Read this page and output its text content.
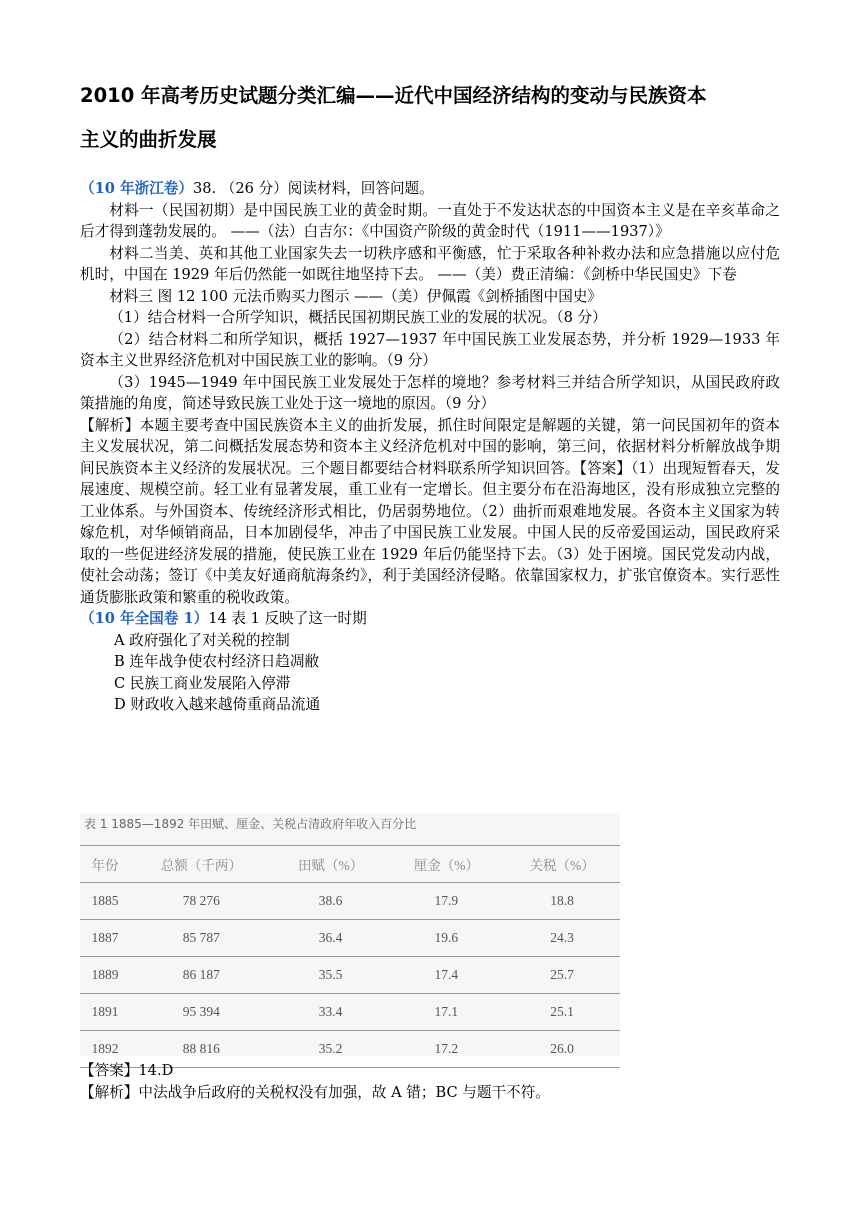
2010 年高考历史试题分类汇编——近代中国经济结构的变动与民族资本
主义的曲折发展

（10 年浙江卷）38. （26 分）阅读材料，回答问题。

材料一（民国初期）是中国民族工业的黄金时期。一直处于不发达状态的中国资本主义是在辛亥革命之后才得到蓬勃发展的。 ——（法）白吉尔：《中国资产阶级的黄金时代（1911——1937）》

材料二当美、英和其他工业国家失去一切秩序感和平衡感，忙于采取各种补救办法和应急措施以应付危机时，中国在 1929 年后仍然能一如既往地坚持下去。 ——（美）费正清编：《剑桥中华民国史》下卷

材料三 图 12 100 元法币购买力图示 ——（美）伊佩霞《剑桥插图中国史》

（1）结合材料一合所学知识，概括民国初期民族工业的发展的状况。（8 分）

（2）结合材料二和所学知识，概括 1927—1937 年中国民族工业发展态势，并分析 1929—1933 年资本主义世界经济危机对中国民族工业的影响。（9 分）

（3）1945—1949 年中国民族工业发展处于怎样的境地？参考材料三并结合所学知识，从国民政府政策措施的角度，简述导致民族工业处于这一境地的原因。（9 分）

【解析】本题主要考查中国民族资本主义的曲折发展，抓住时间限定是解题的关键，第一问民国初年的资本主义发展状况，第二问概括发展态势和资本主义经济危机对中国的影响，第三问，依据材料分析解放战争期间民族资本主义经济的发展状况。三个题目都要结合材料联系所学知识回答。【答案】（1）出现短暂春天，发展速度、规模空前。轻工业有显著发展，重工业有一定增长。但主要分布在沿海地区，没有形成独立完整的工业体系。与外国资本、传统经济形式相比，仍居弱势地位。（2）曲折而艰难地发展。各资本主义国家为转嫁危机，对华倾销商品，日本加剧侵华，冲击了中国民族工业发展。中国人民的反帝爱国运动，国民政府采取的一些促进经济发展的措施，使民族工业在 1929 年后仍能坚持下去。（3）处于困境。国民党发动内战，使社会动荡；签订《中美友好通商航海条约》，利于美国经济侵略。依靠国家权力，扩张官僚资本。实行恶性通货膨胀政策和繁重的税收政策。

（10 年全国卷 1）14 表 1 反映了这一时期

A 政府强化了对关税的控制

B 连年战争使农村经济日趋凋敝

C 民族工商业发展陷入停滞

D 财政收入越来越倚重商品流通

表 1 1885—1892 年田赋、厘金、关税占清政府年收入百分比
年份	总额（千两）	田赋（%）	厘金（%）	关税（%）
1885	78 276	38.6	17.9	18.8
1887	85 787	36.4	19.6	24.3
1889	86 187	35.5	17.4	25.7
1891	95 394	33.4	17.1	25.1
1892	88 816	35.2	17.2	26.0

【答案】14.D

【解析】中法战争后政府的关税权没有加强，故 A 错；BC 与题干不符。
